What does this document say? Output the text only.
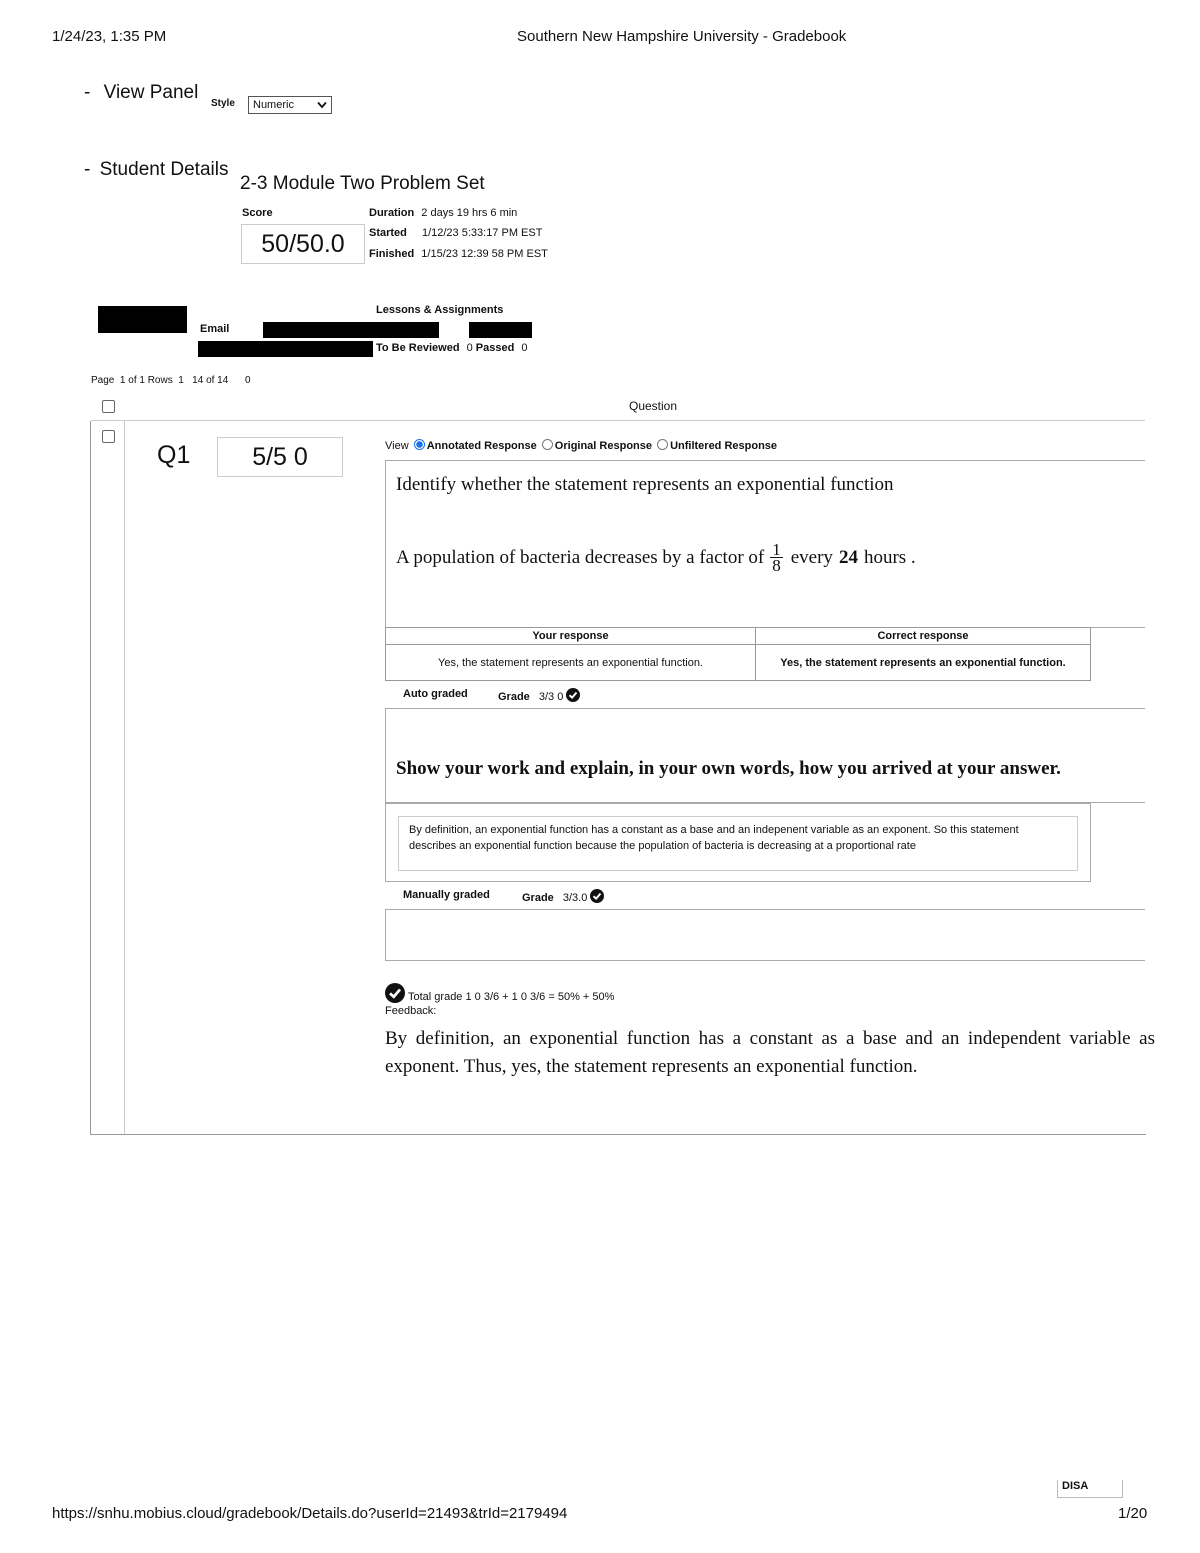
1/24/23, 1:35 PM	Southern New Hampshire University - Gradebook
- View Panel
Style Numeric
- Student Details
2-3 Module Two Problem Set
Score
50/50.0
Duration 2 days 19 hrs 6 min
Started 1/12/23 5:33:17 PM EST
Finished 1/15/23 12:39 58 PM EST
Email
Lessons & Assignments
To Be Reviewed 0 Passed 0
Page  1 of 1 Rows  1   14 of 14      0
Question
Q1	5/5 0	View Annotated Response Original Response Unfiltered Response
Identify whether the statement represents an exponential function
A population of bacteria decreases by a factor of $\frac{1}{8}$ every 24 hours .
Your response	Correct response
Yes, the statement represents an exponential function.	Yes, the statement represents an exponential function.
Auto graded	Grade 3/3 0
Show your work and explain, in your own words, how you arrived at your answer.
By definition, an exponential function has a constant as a base and an indepenent variable as an exponent. So this statement describes an exponential function because the population of bacteria is decreasing at a proportional rate
Manually graded	Grade 3/3.0
Total grade 1 0 3/6 + 1 0 3/6 = 50% + 50%
Feedback:
By definition, an exponential function has a constant as a base and an independent variable as exponent. Thus, yes, the statement represents an exponential function.
DISA
https://snhu.mobius.cloud/gradebook/Details.do?userId=21493&trId=2179494	1/20
